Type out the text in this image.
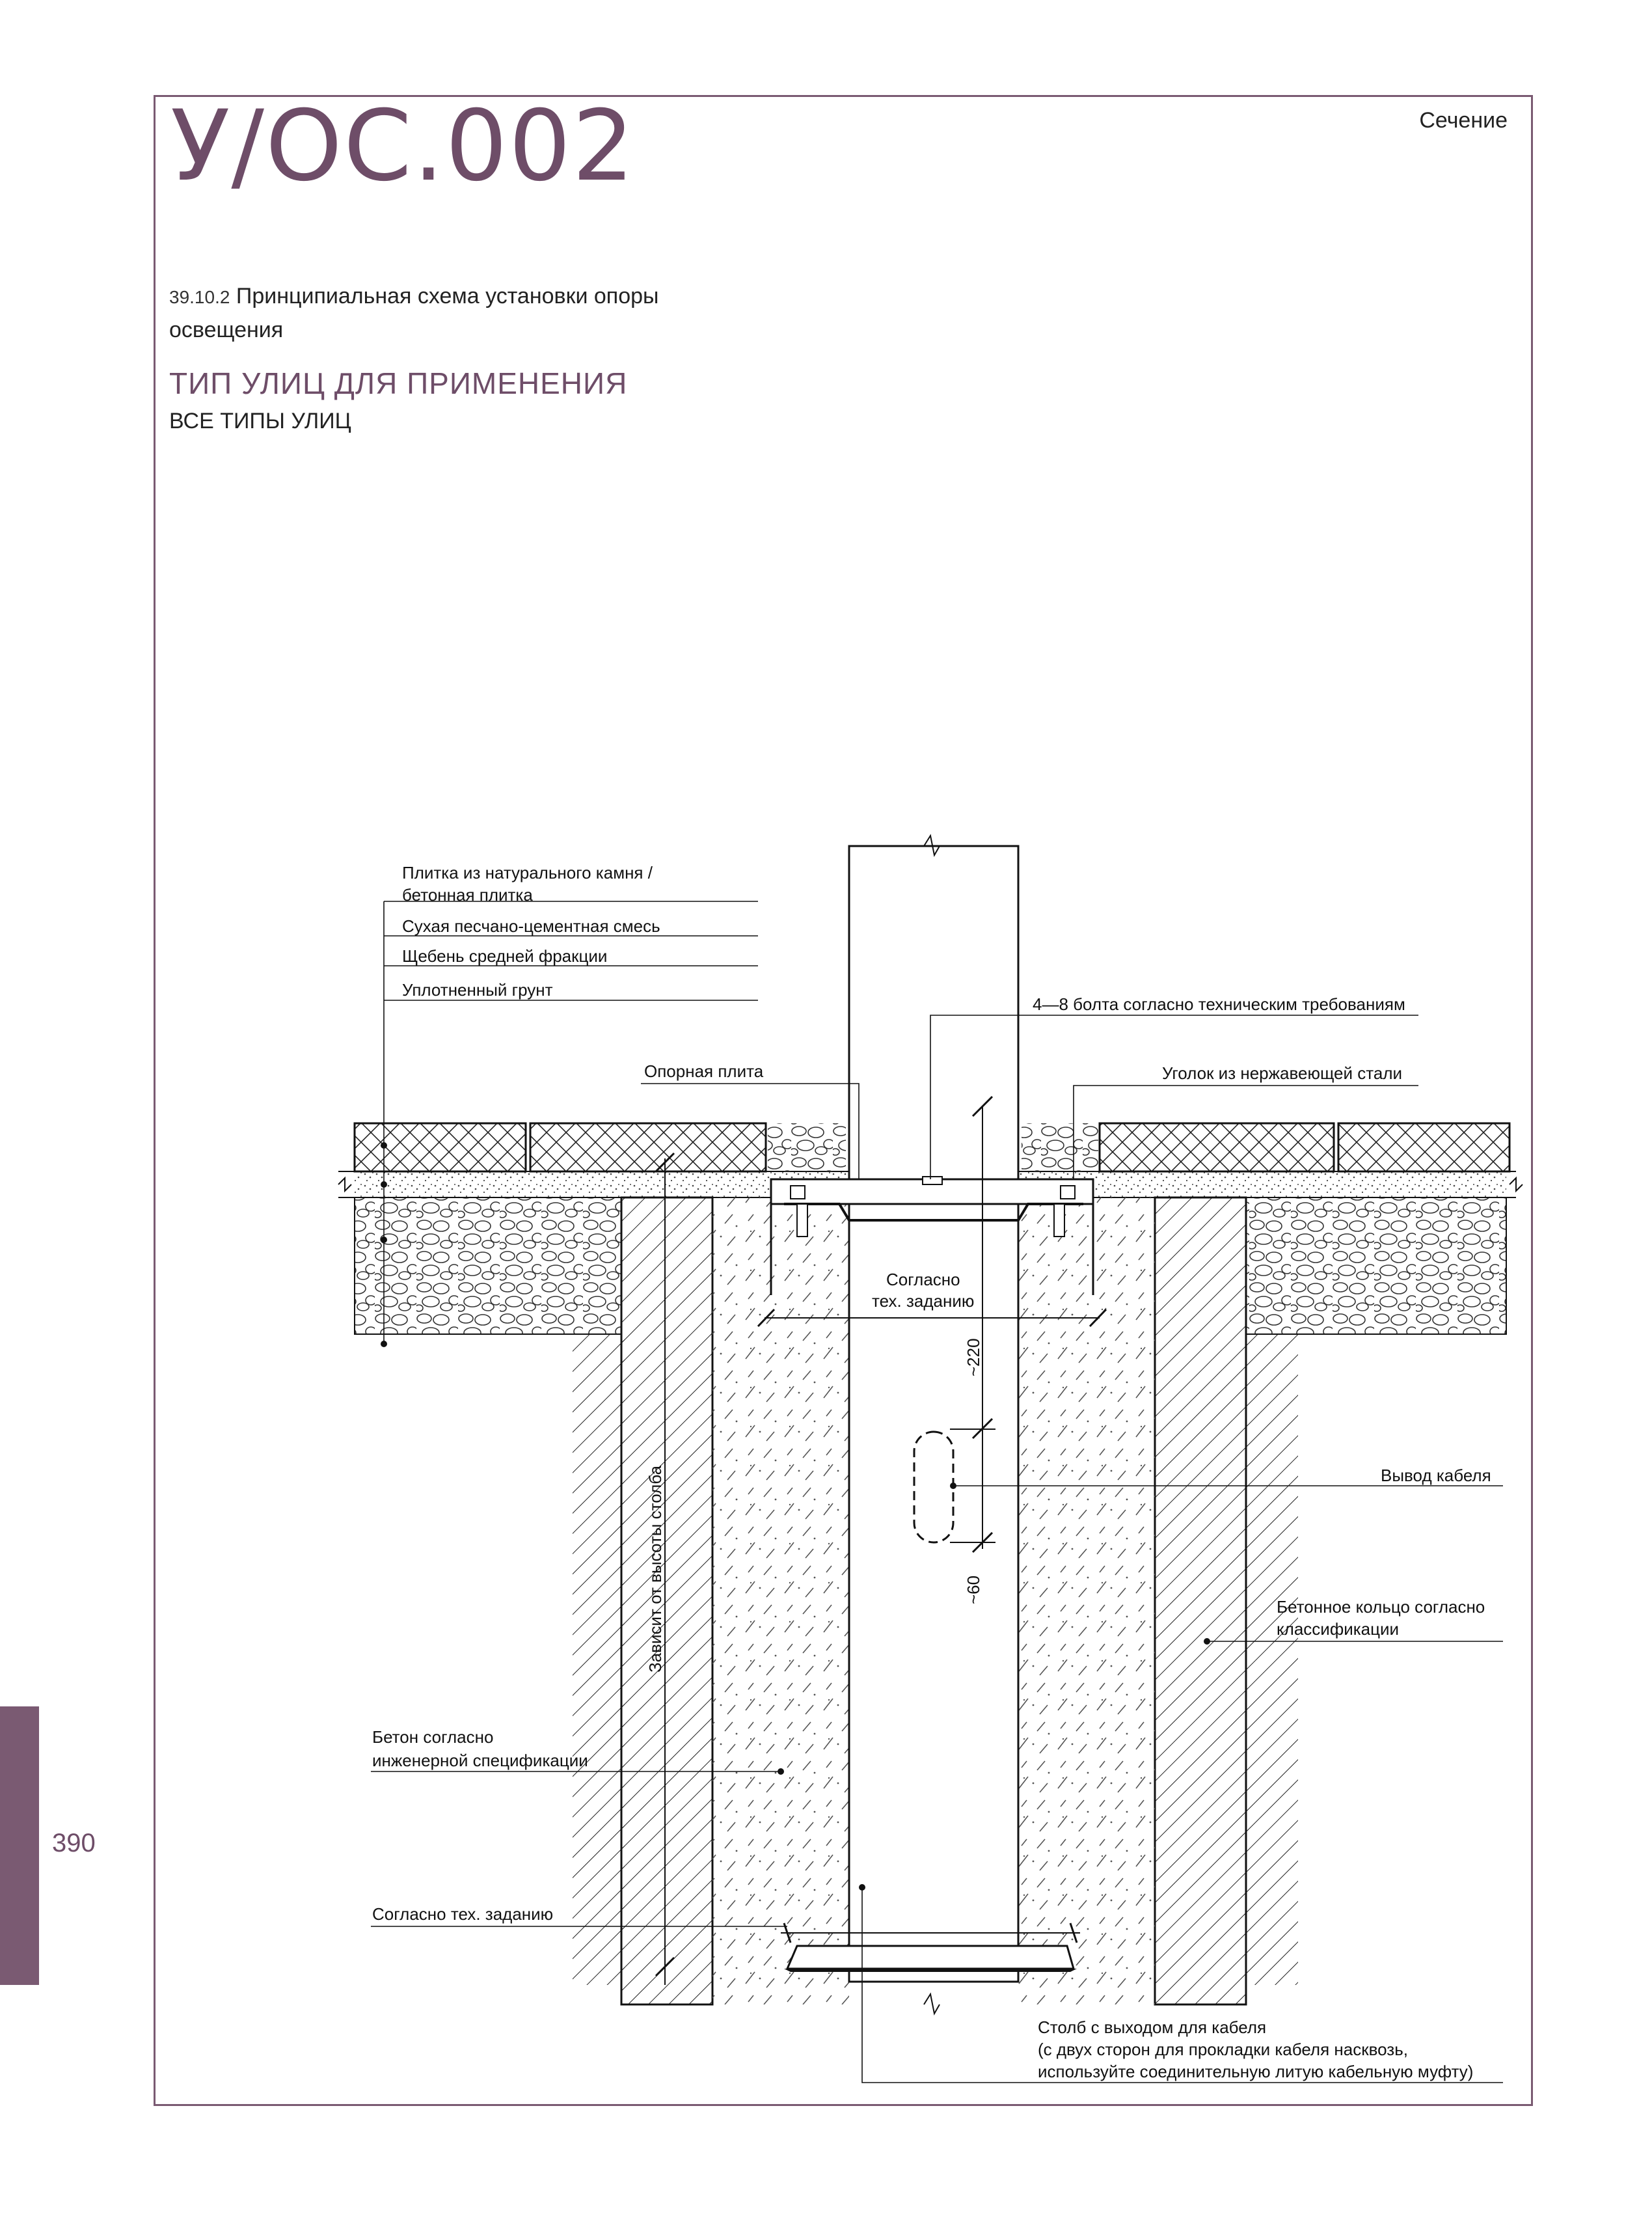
У/ОС.002	Сечение
39.10.2 Принципиальная схема установки опоры
освещения
ТИП УЛИЦ ДЛЯ ПРИМЕНЕНИЯ
ВСЕ ТИПЫ УЛИЦ
390
Плитка из натурального камня /
бетонная плитка
Сухая песчано-цементная смесь
Щебень средней фракции
Уплотненный грунт
4—8 болта согласно техническим требованиям
Опорная плита	Уголок из нержавеющей стали
Согласно
тех. заданию
~220
~60
Вывод кабеля
Бетонное кольцо согласно
классификации
Зависит от высоты столба
Бетон согласно
инженерной спецификации
Согласно тех. заданию
Столб с выходом для кабеля
(с двух сторон для прокладки кабеля насквозь,
используйте соединительную литую кабельную муфту)
